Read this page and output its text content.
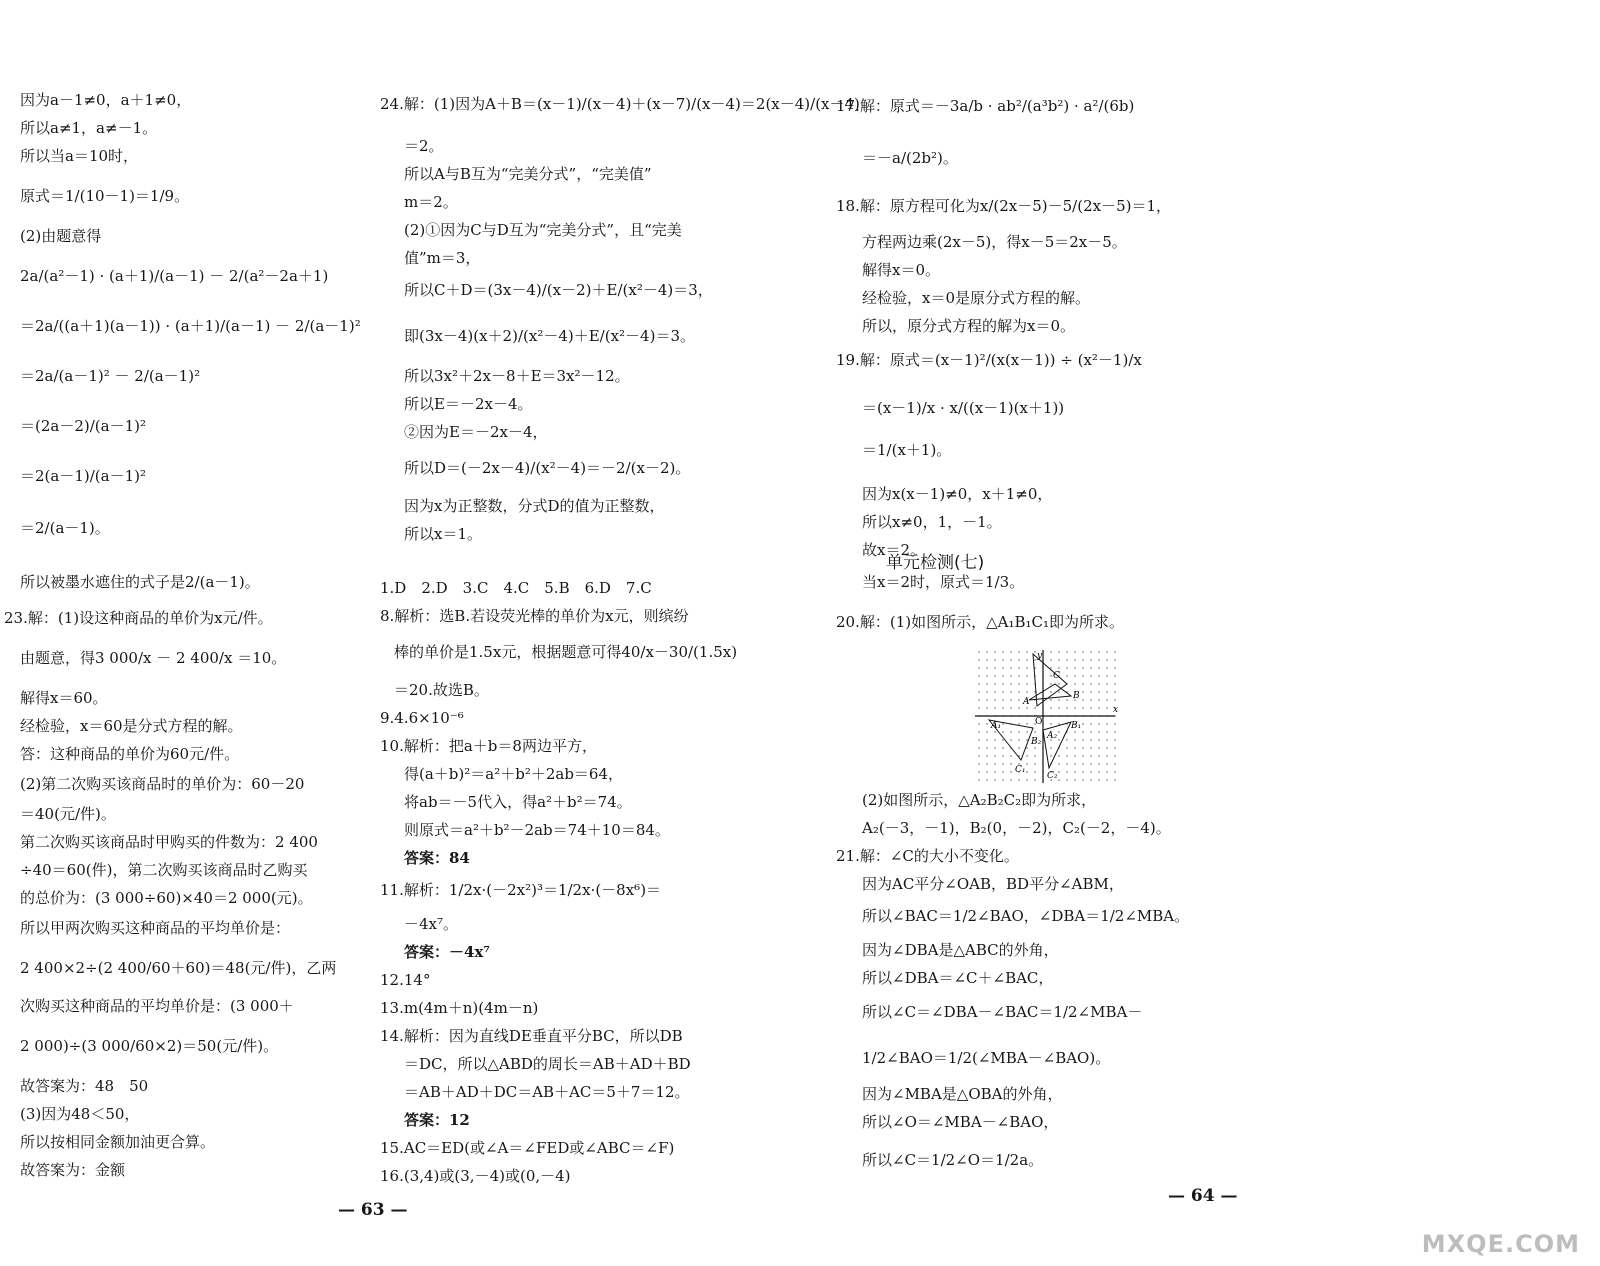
因为a－1≠0，a＋1≠0，
所以a≠1，a≠－1。
所以当a＝10时，
原式＝1/(10－1)＝1/9。
(2)由题意得
2a/(a²－1) · (a＋1)/(a－1) － 2/(a²－2a＋1)
＝2a/((a＋1)(a－1)) · (a＋1)/(a－1) － 2/(a－1)²
＝2a/(a－1)² － 2/(a－1)²
＝(2a－2)/(a－1)²
＝2(a－1)/(a－1)²
＝2/(a－1)。
所以被墨水遮住的式子是2/(a－1)。
23.解：(1)设这种商品的单价为x元/件。
由题意，得3 000/x － 2 400/x ＝10。
解得x＝60。
经检验，x＝60是分式方程的解。
答：这种商品的单价为60元/件。
(2)第二次购买该商品时的单价为：60－20
＝40(元/件)。
第二次购买该商品时甲购买的件数为：2 400
÷40＝60(件)，第二次购买该商品时乙购买
的总价为：(3 000÷60)×40＝2 000(元)。
所以甲两次购买这种商品的平均单价是：
2 400×2÷(2 400/60＋60)＝48(元/件)，乙两
次购买这种商品的平均单价是：(3 000＋
2 000)÷(3 000/60×2)＝50(元/件)。
故答案为：48　50
(3)因为48＜50，
所以按相同金额加油更合算。
故答案为：金额
24.解：(1)因为A＋B＝(x－1)/(x－4)＋(x－7)/(x－4)＝2(x－4)/(x－4)
＝2。
所以A与B互为“完美分式”，“完美值”
m＝2。
(2)①因为C与D互为“完美分式”，且“完美
值”m＝3，
所以C＋D＝(3x－4)/(x－2)＋E/(x²－4)＝3，
即(3x－4)(x＋2)/(x²－4)＋E/(x²－4)＝3。
所以3x²＋2x－8＋E＝3x²－12。
所以E＝－2x－4。
②因为E＝－2x－4，
所以D＝(－2x－4)/(x²－4)＝－2/(x－2)。
因为x为正整数，分式D的值为正整数，
所以x＝1。
单元检测(七)
1.D　2.D　3.C　4.C　5.B　6.D　7.C
8.解析：选B.若设荧光棒的单价为x元，则缤纷
棒的单价是1.5x元，根据题意可得40/x－30/(1.5x)
＝20.故选B。
9.4.6×10⁻⁶
10.解析：把a＋b＝8两边平方，
得(a＋b)²＝a²＋b²＋2ab＝64，
将ab＝－5代入，得a²＋b²＝74。
则原式＝a²＋b²－2ab＝74＋10＝84。
答案：84
11.解析：1/2x·(－2x²)³＝1/2x·(－8x⁶)＝
－4x⁷。
答案：－4x⁷
12.14°
13.m(4m＋n)(4m－n)
14.解析：因为直线DE垂直平分BC，所以DB
＝DC，所以△ABD的周长＝AB＋AD＋BD
＝AB＋AD＋DC＝AB＋AC＝5＋7＝12。
答案：12
15.AC＝ED(或∠A＝∠FED或∠ABC＝∠F)
16.(3,4)或(3,－4)或(0,－4)
— 63 —
17.解：原式＝－3a/b · ab²/(a³b²) · a²/(6b)
＝－a/(2b²)。
18.解：原方程可化为x/(2x－5)－5/(2x－5)＝1，
方程两边乘(2x－5)，得x－5＝2x－5。
解得x＝0。
经检验，x＝0是原分式方程的解。
所以，原分式方程的解为x＝0。
19.解：原式＝(x－1)²/(x(x－1)) ÷ (x²－1)/x
＝(x－1)/x · x/((x－1)(x＋1))
＝1/(x＋1)。
因为x(x－1)≠0，x＋1≠0，
所以x≠0，1，－1。
故x＝2。
当x＝2时，原式＝1/3。
20.解：(1)如图所示，△A₁B₁C₁即为所求。
(2)如图所示，△A₂B₂C₂即为所求，
A₂(－3，－1)，B₂(0，－2)，C₂(－2，－4)。
21.解：∠C的大小不变化。
因为AC平分∠OAB，BD平分∠ABM，
所以∠BAC＝1/2∠BAO，∠DBA＝1/2∠MBA。
因为∠DBA是△ABC的外角，
所以∠DBA＝∠C＋∠BAC，
所以∠C＝∠DBA－∠BAC＝1/2∠MBA－
1/2∠BAO＝1/2(∠MBA－∠BAO)。
因为∠MBA是△OBA的外角，
所以∠O＝∠MBA－∠BAO，
所以∠C＝1/2∠O＝1/2a。
y
x
O
C
B
A
A₁	B₁
C₁
A₂
B₂
C₂
— 64 —
MXQE.COM
